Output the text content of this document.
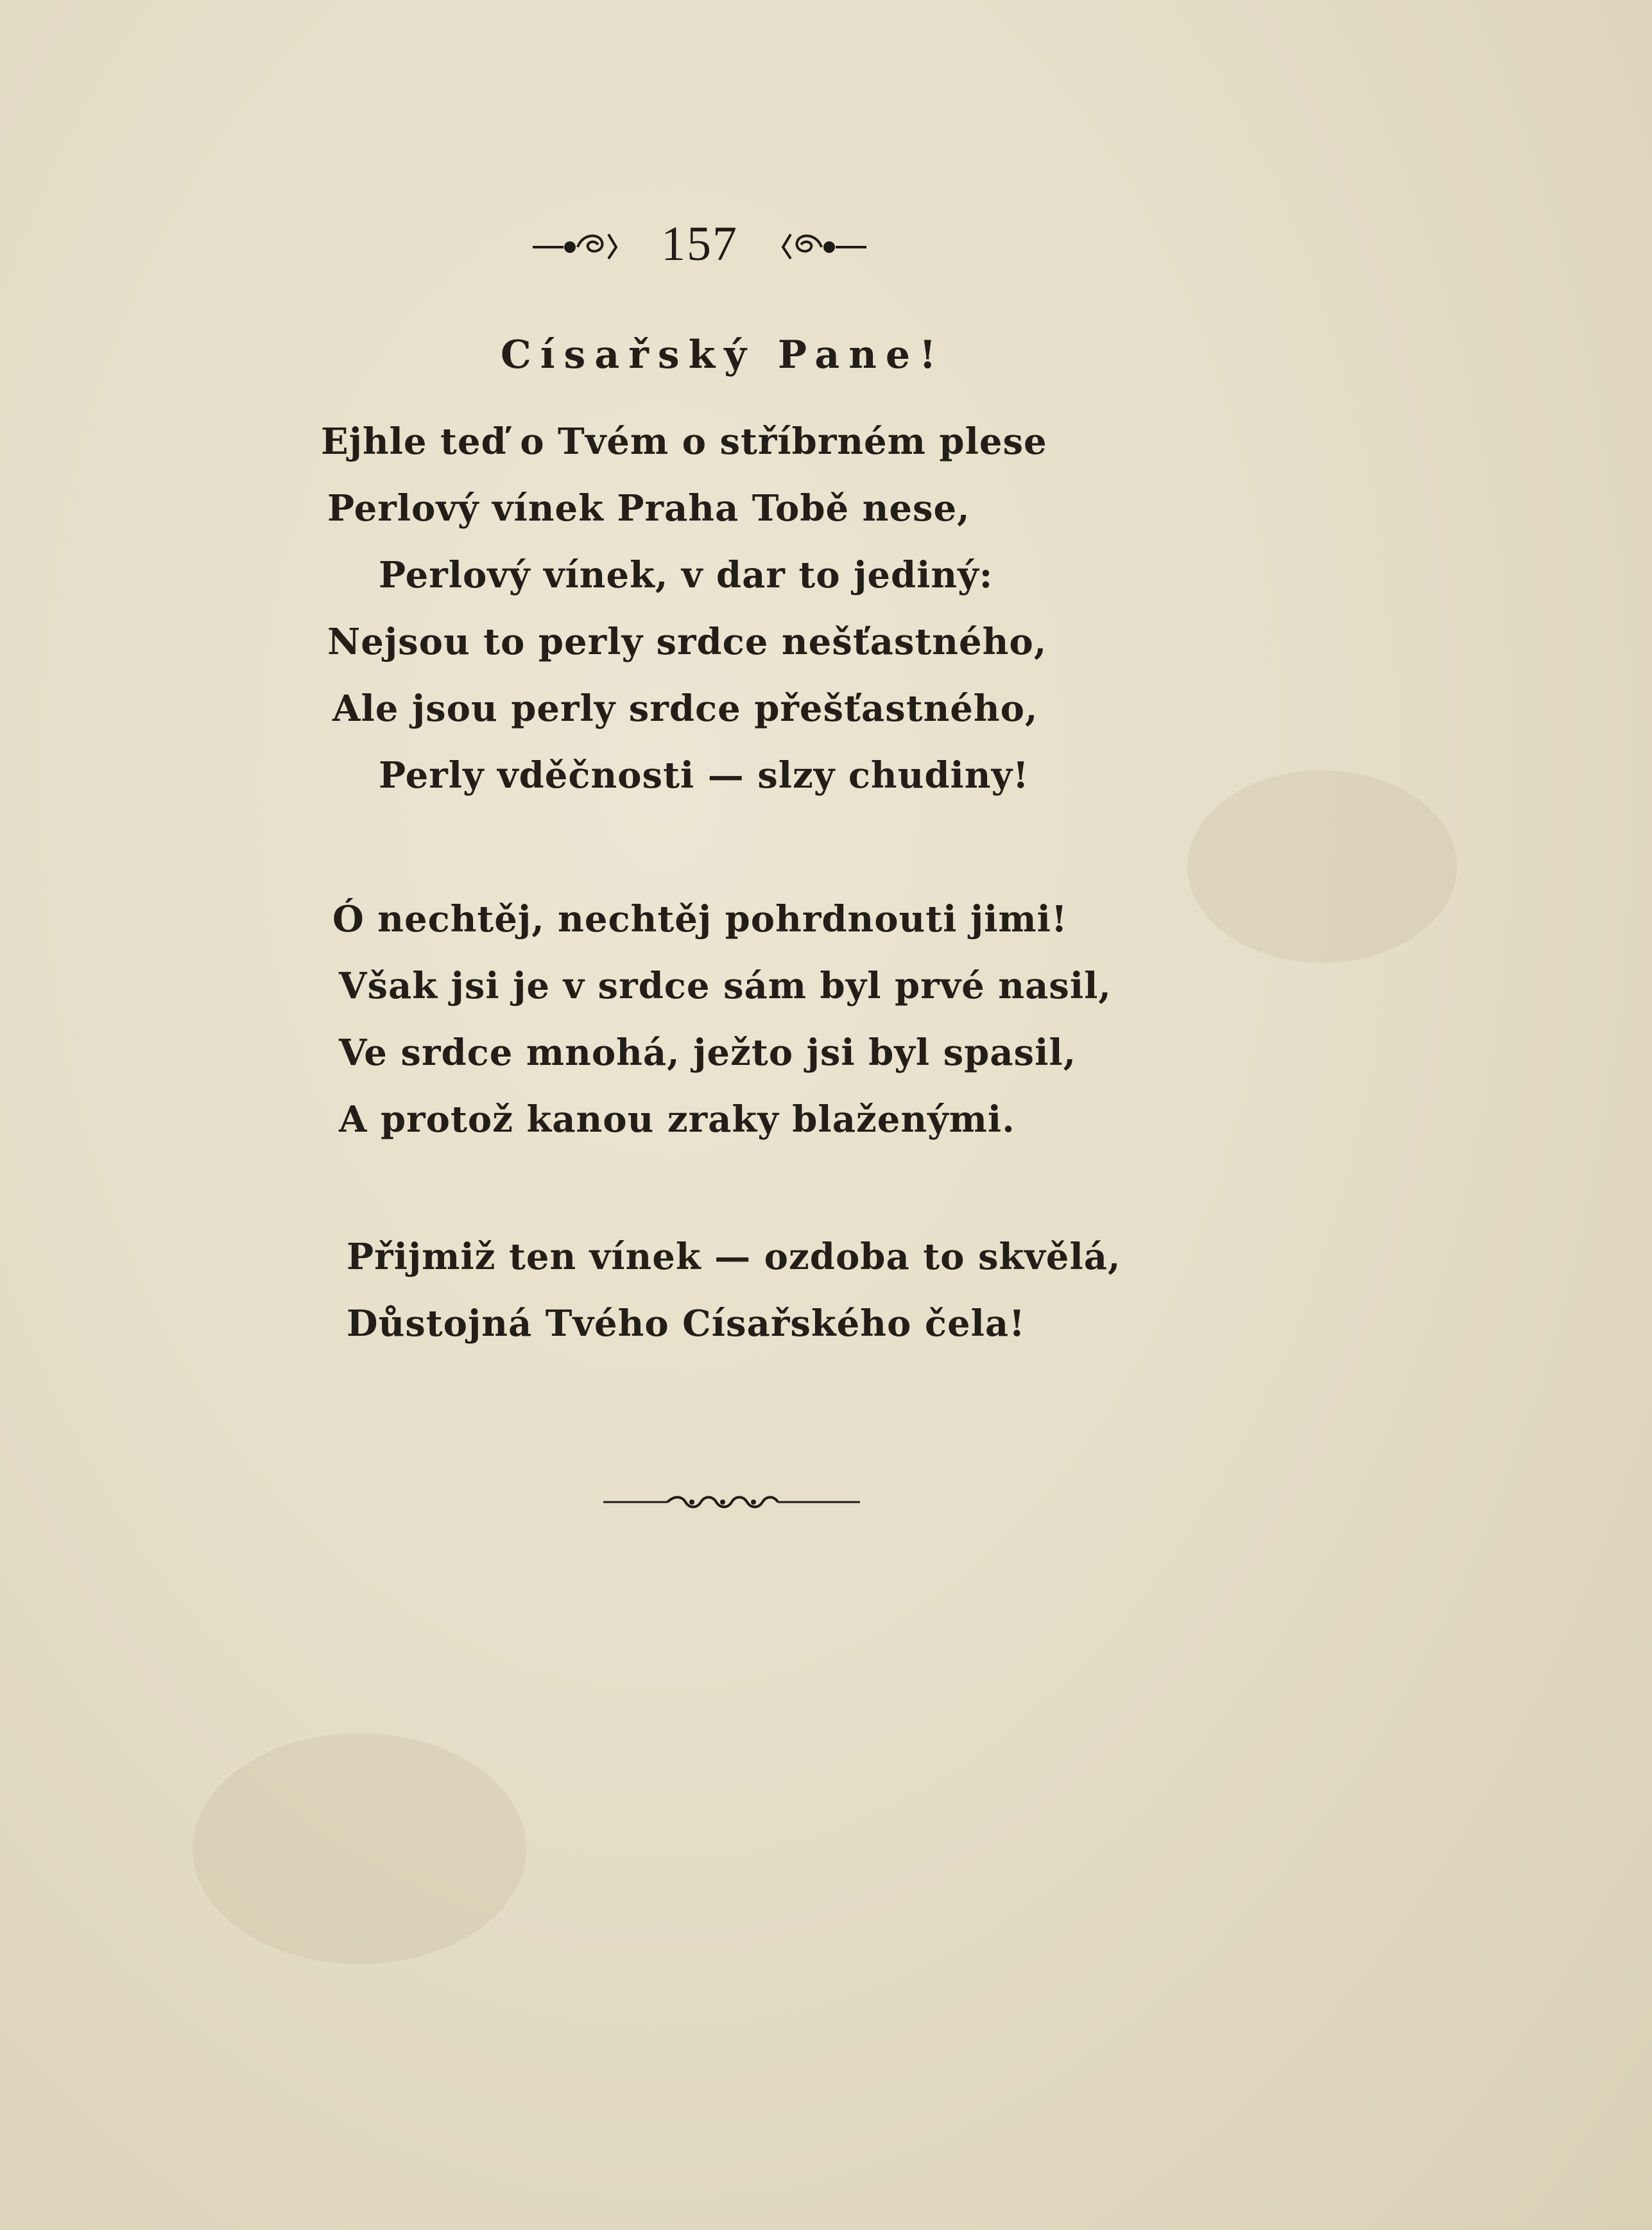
157
Císařský Pane!
Ejhle teď o Tvém o stříbrném plese
Perlový vínek Praha Tobě nese,
Perlový vínek, v dar to jediný:
Nejsou to perly srdce nešťastného,
Ale jsou perly srdce přešťastného,
Perly vděčnosti — slzy chudiny!
Ó nechtěj, nechtěj pohrdnouti jimi!
Však jsi je v srdce sám byl prvé nasil,
Ve srdce mnohá, ježto jsi byl spasil,
A protož kanou zraky blaženými.
Přijmiž ten vínek — ozdoba to skvělá,
Důstojná Tvého Císařského čela!
